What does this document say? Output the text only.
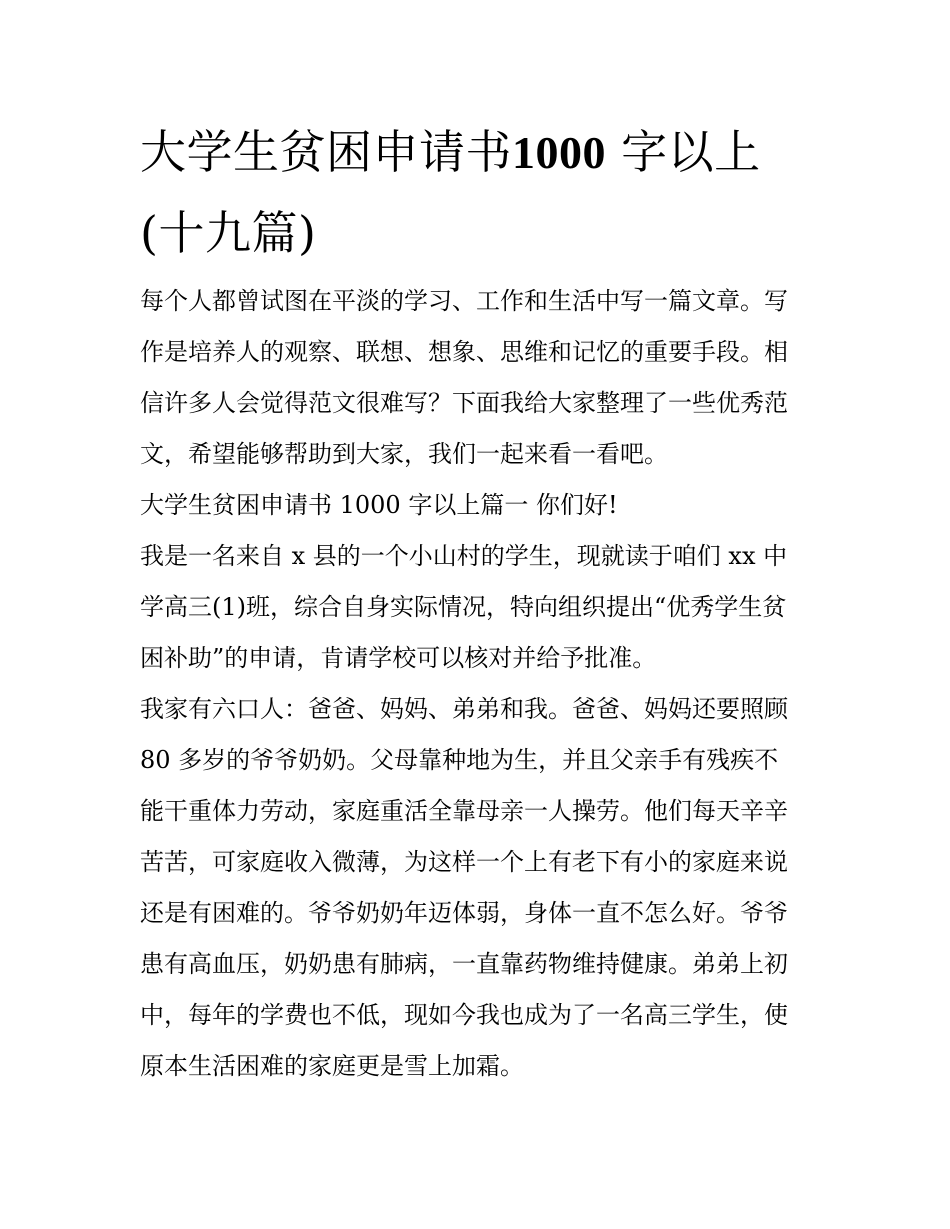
大学生贫困申请书1000 字以上
(十九篇)

每个人都曾试图在平淡的学习、工作和生活中写一篇文章。写
作是培养人的观察、联想、想象、思维和记忆的重要手段。相
信许多人会觉得范文很难写？下面我给大家整理了一些优秀范
文，希望能够帮助到大家，我们一起来看一看吧。

大学生贫困申请书 1000 字以上篇一 你们好!

我是一名来自 x 县的一个小山村的学生，现就读于咱们 xx 中
学高三(1)班，综合自身实际情况，特向组织提出“优秀学生贫
困补助”的申请，肯请学校可以核对并给予批准。

我家有六口人：爸爸、妈妈、弟弟和我。爸爸、妈妈还要照顾
80 多岁的爷爷奶奶。父母靠种地为生，并且父亲手有残疾不
能干重体力劳动，家庭重活全靠母亲一人操劳。他们每天辛辛
苦苦，可家庭收入微薄，为这样一个上有老下有小的家庭来说
还是有困难的。爷爷奶奶年迈体弱，身体一直不怎么好。爷爷
患有高血压，奶奶患有肺病，一直靠药物维持健康。弟弟上初
中，每年的学费也不低，现如今我也成为了一名高三学生，使
原本生活困难的家庭更是雪上加霜。
